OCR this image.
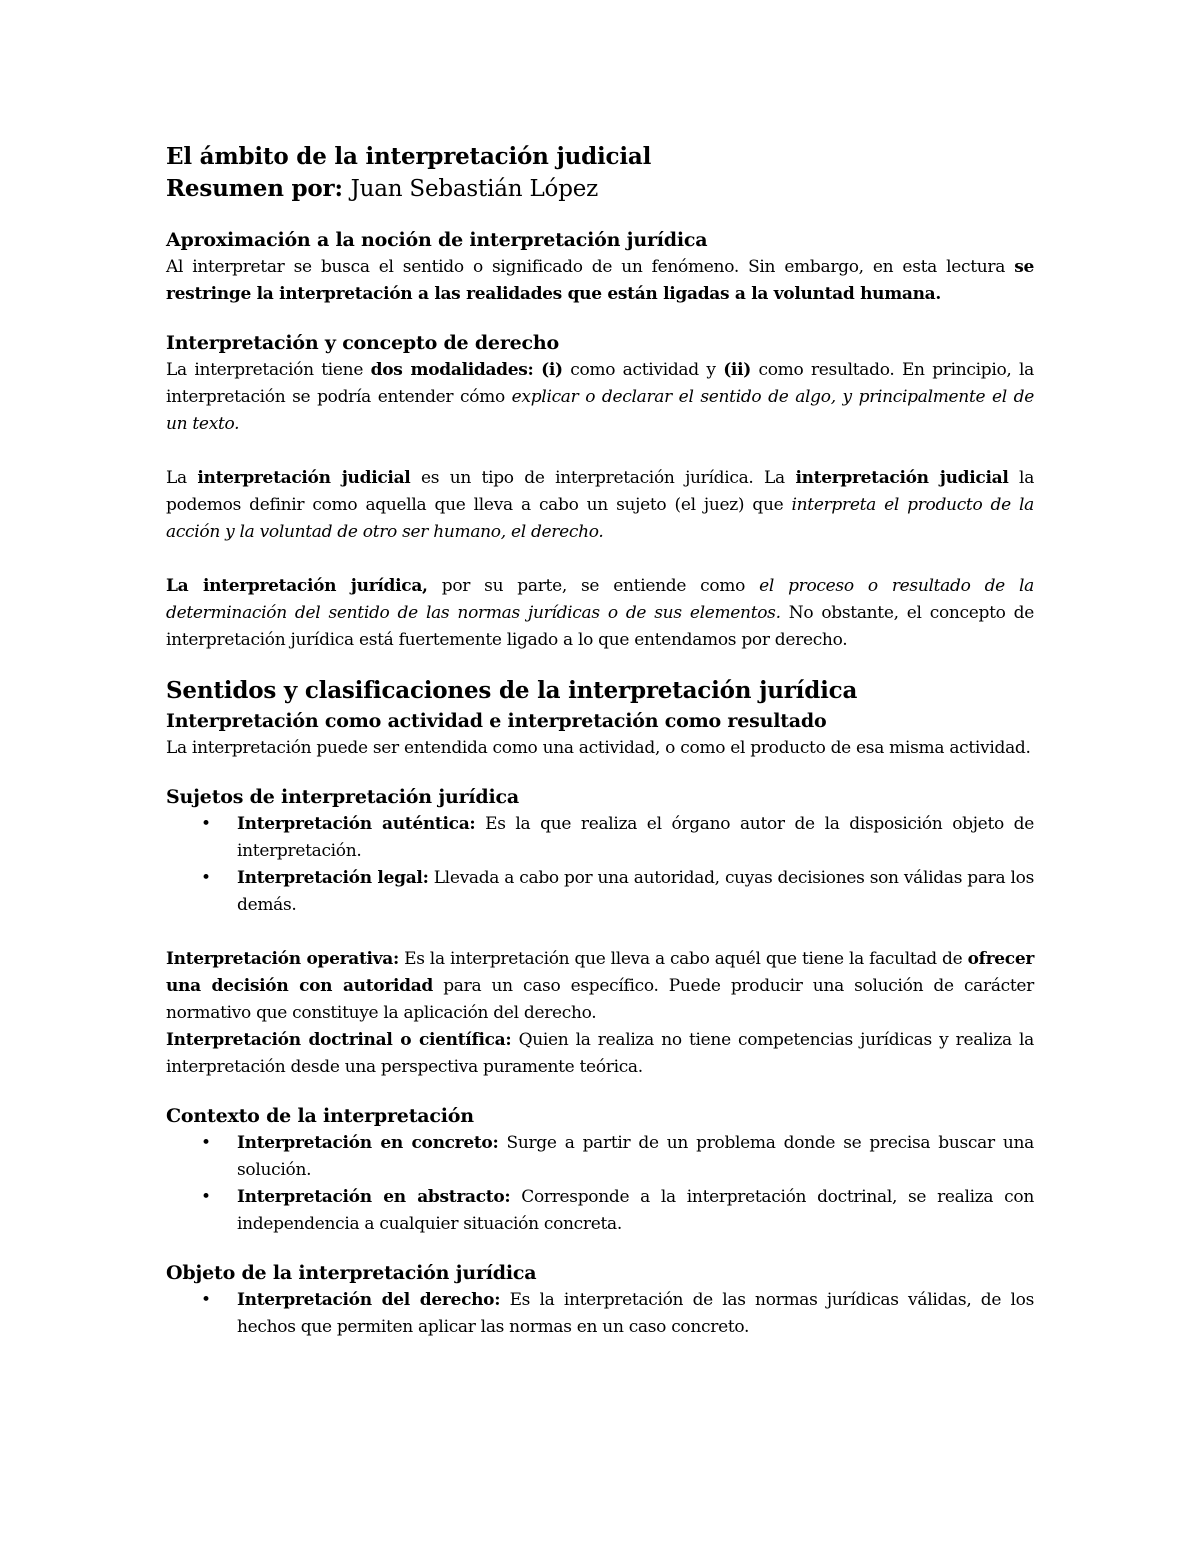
El ámbito de la interpretación judicial
Resumen por: Juan Sebastián López
Aproximación a la noción de interpretación jurídica

Al interpretar se busca el sentido o significado de un fenómeno. Sin embargo, en esta lectura se restringe la interpretación a las realidades que están ligadas a la voluntad humana.

Interpretación y concepto de derecho

La interpretación tiene dos modalidades: (i) como actividad y (ii) como resultado. En principio, la interpretación se podría entender cómo explicar o declarar el sentido de algo, y principalmente el de un texto.

La interpretación judicial es un tipo de interpretación jurídica. La interpretación judicial la podemos definir como aquella que lleva a cabo un sujeto (el juez) que interpreta el producto de la acción y la voluntad de otro ser humano, el derecho.

La interpretación jurídica, por su parte, se entiende como el proceso o resultado de la determinación del sentido de las normas jurídicas o de sus elementos. No obstante, el concepto de interpretación jurídica está fuertemente ligado a lo que entendamos por derecho.

Sentidos y clasificaciones de la interpretación jurídica
Interpretación como actividad e interpretación como resultado

La interpretación puede ser entendida como una actividad, o como el producto de esa misma actividad.

Sujetos de interpretación jurídica
• Interpretación auténtica: Es la que realiza el órgano autor de la disposición objeto de interpretación.
• Interpretación legal: Llevada a cabo por una autoridad, cuyas decisiones son válidas para los demás.

Interpretación operativa: Es la interpretación que lleva a cabo aquél que tiene la facultad de ofrecer una decisión con autoridad para un caso específico. Puede producir una solución de carácter normativo que constituye la aplicación del derecho.

Interpretación doctrinal o científica: Quien la realiza no tiene competencias jurídicas y realiza la interpretación desde una perspectiva puramente teórica.

Contexto de la interpretación
• Interpretación en concreto: Surge a partir de un problema donde se precisa buscar una solución.
• Interpretación en abstracto: Corresponde a la interpretación doctrinal, se realiza con independencia a cualquier situación concreta.
Objeto de la interpretación jurídica
• Interpretación del derecho: Es la interpretación de las normas jurídicas válidas, de los hechos que permiten aplicar las normas en un caso concreto.
